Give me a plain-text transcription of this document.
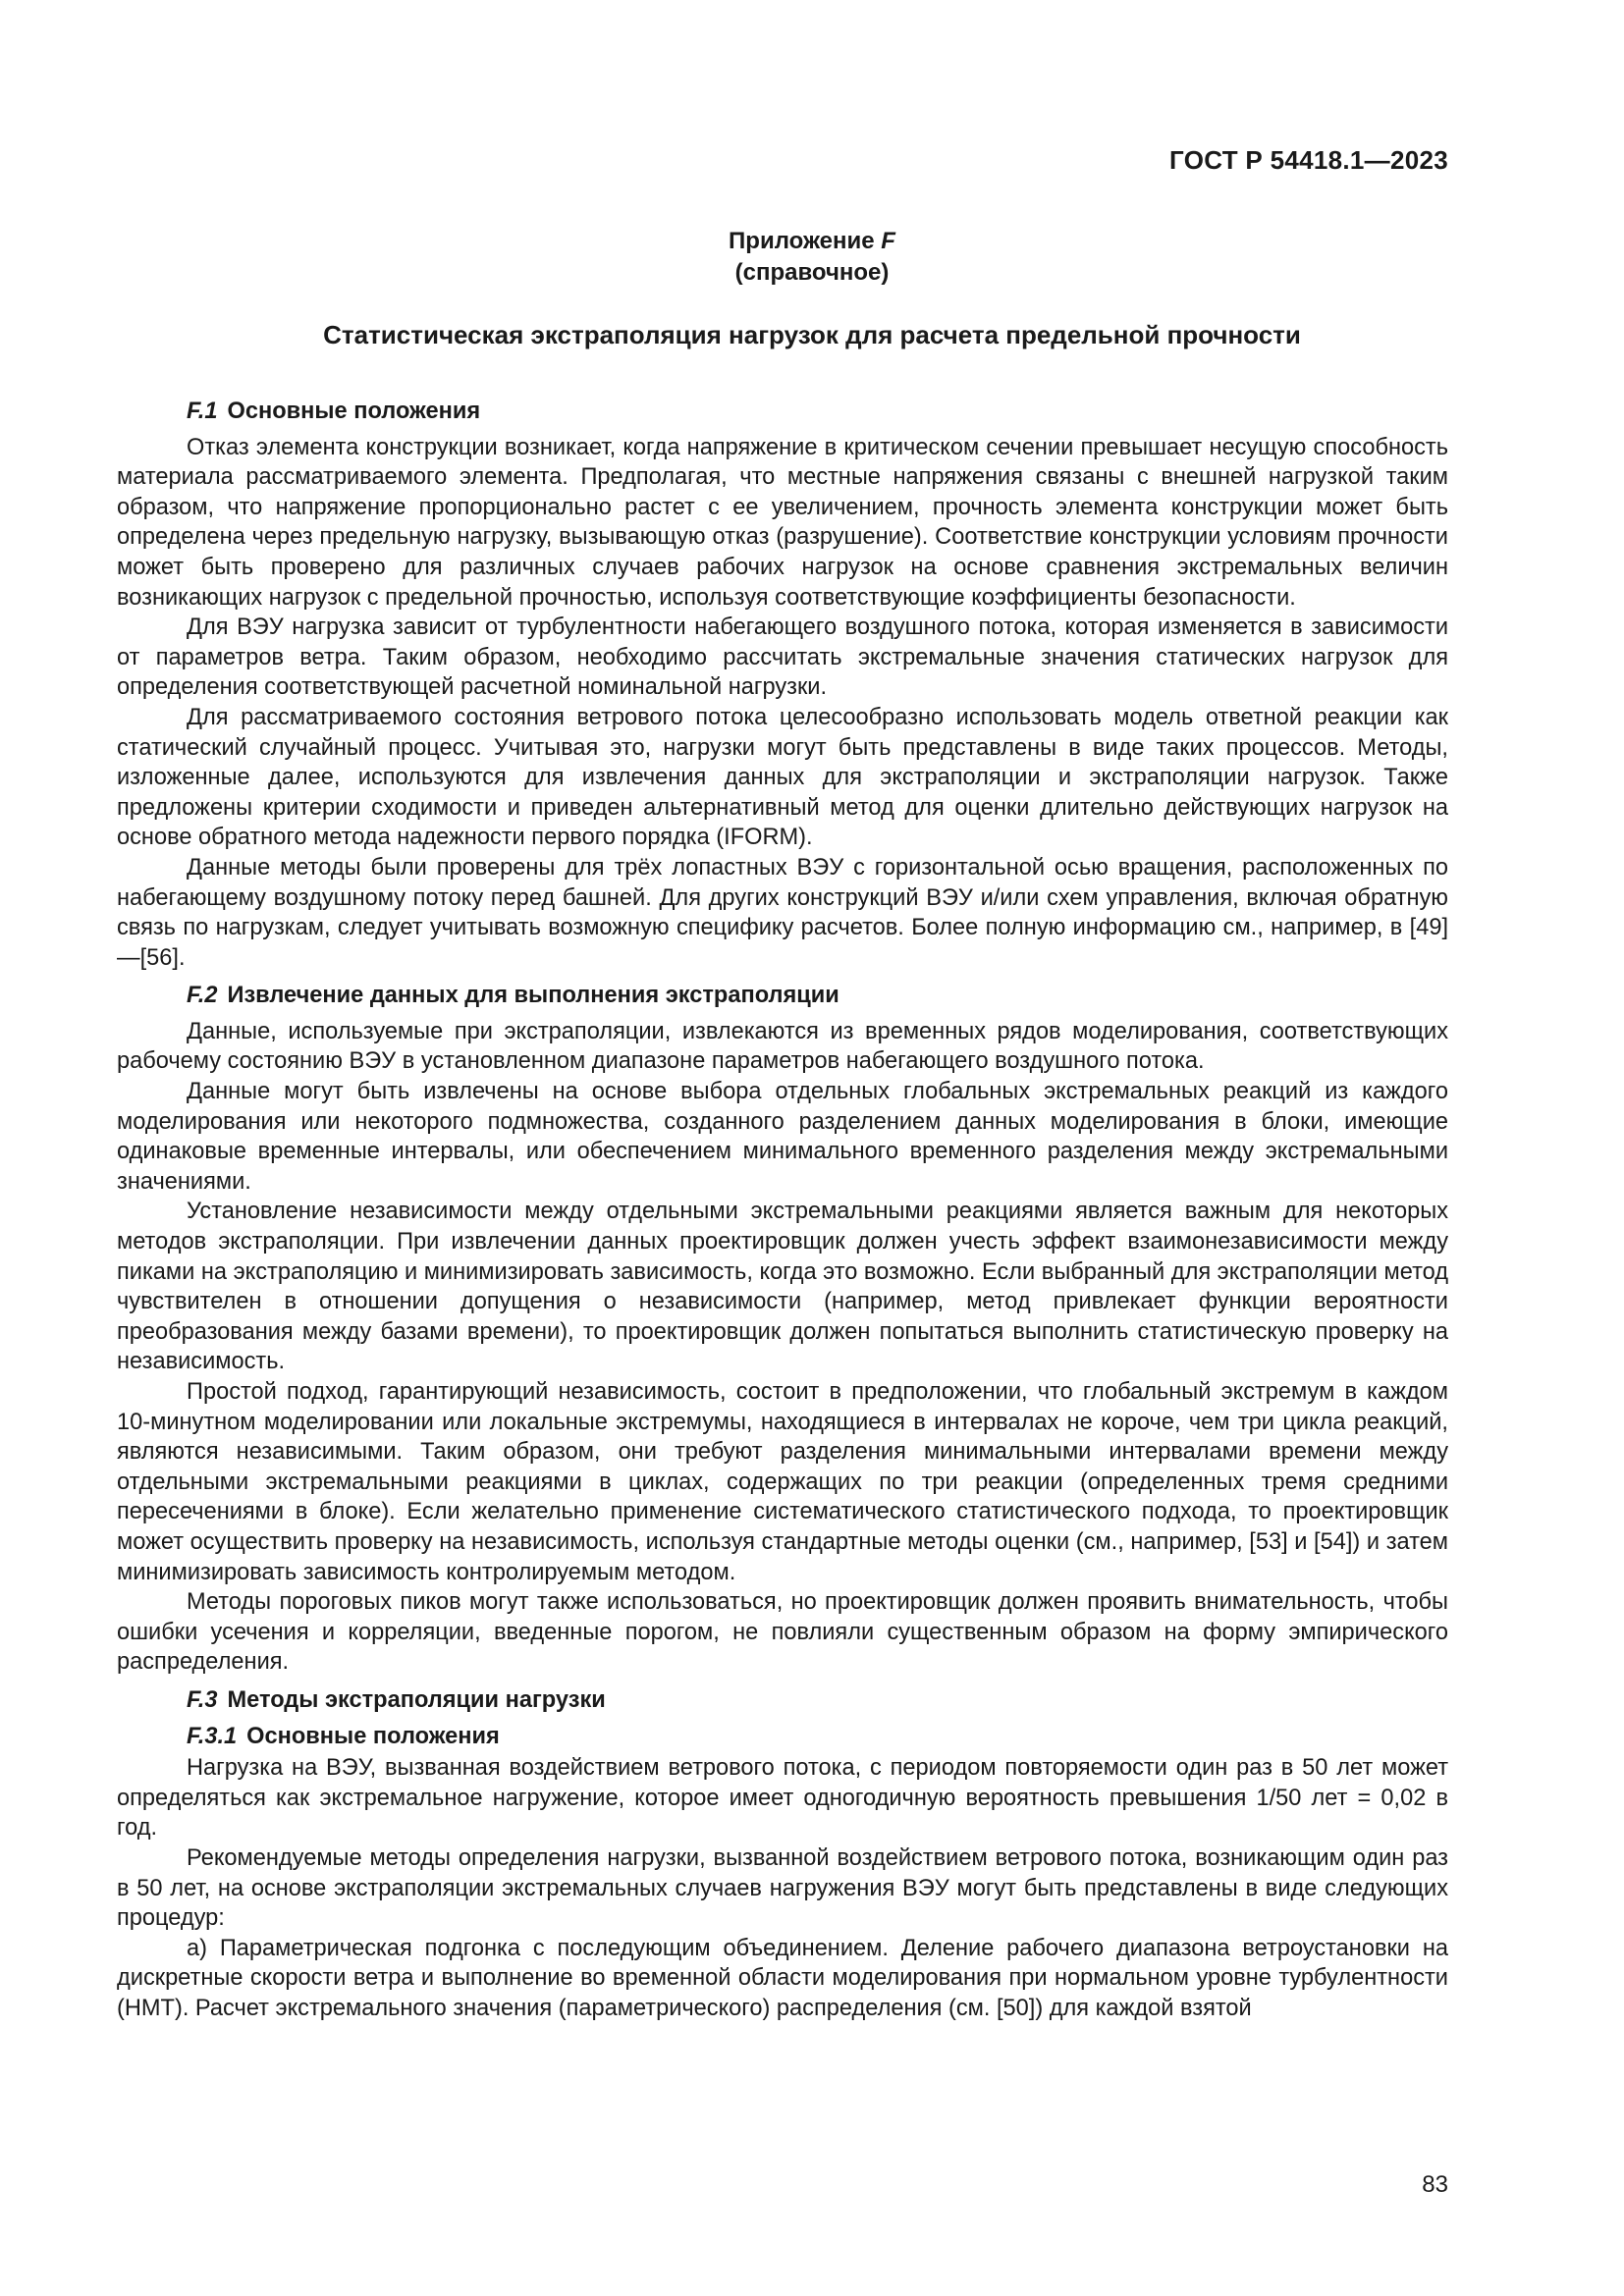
ГОСТ Р 54418.1—2023
Приложение F
(справочное)
Статистическая экстраполяция нагрузок для расчета предельной прочности
F.1 Основные положения

Отказ элемента конструкции возникает, когда напряжение в критическом сечении превышает несущую способность материала рассматриваемого элемента. Предполагая, что местные напряжения связаны с внешней нагрузкой таким образом, что напряжение пропорционально растет с ее увеличением, прочность элемента конструкции может быть определена через предельную нагрузку, вызывающую отказ (разрушение). Соответствие конструкции условиям прочности может быть проверено для различных случаев рабочих нагрузок на основе сравнения экстремальных величин возникающих нагрузок с предельной прочностью, используя соответствующие коэффициенты безопасности.

Для ВЭУ нагрузка зависит от турбулентности набегающего воздушного потока, которая изменяется в зависимости от параметров ветра. Таким образом, необходимо рассчитать экстремальные значения статических нагрузок для определения соответствующей расчетной номинальной нагрузки.

Для рассматриваемого состояния ветрового потока целесообразно использовать модель ответной реакции как статический случайный процесс. Учитывая это, нагрузки могут быть представлены в виде таких процессов. Методы, изложенные далее, используются для извлечения данных для экстраполяции и экстраполяции нагрузок. Также предложены критерии сходимости и приведен альтернативный метод для оценки длительно действующих нагрузок на основе обратного метода надежности первого порядка (IFORM).

Данные методы были проверены для трёх лопастных ВЭУ с горизонтальной осью вращения, расположенных по набегающему воздушному потоку перед башней. Для других конструкций ВЭУ и/или схем управления, включая обратную связь по нагрузкам, следует учитывать возможную специфику расчетов. Более полную информацию см., например, в [49]—[56].

F.2 Извлечение данных для выполнения экстраполяции

Данные, используемые при экстраполяции, извлекаются из временных рядов моделирования, соответствующих рабочему состоянию ВЭУ в установленном диапазоне параметров набегающего воздушного потока.

Данные могут быть извлечены на основе выбора отдельных глобальных экстремальных реакций из каждого моделирования или некоторого подмножества, созданного разделением данных моделирования в блоки, имеющие одинаковые временные интервалы, или обеспечением минимального временного разделения между экстремальными значениями.

Установление независимости между отдельными экстремальными реакциями является важным для некоторых методов экстраполяции. При извлечении данных проектировщик должен учесть эффект взаимонезависимости между пиками на экстраполяцию и минимизировать зависимость, когда это возможно. Если выбранный для экстраполяции метод чувствителен в отношении допущения о независимости (например, метод привлекает функции вероятности преобразования между базами времени), то проектировщик должен попытаться выполнить статистическую проверку на независимость.

Простой подход, гарантирующий независимость, состоит в предположении, что глобальный экстремум в каждом 10-минутном моделировании или локальные экстремумы, находящиеся в интервалах не короче, чем три цикла реакций, являются независимыми. Таким образом, они требуют разделения минимальными интервалами времени между отдельными экстремальными реакциями в циклах, содержащих по три реакции (определенных тремя средними пересечениями в блоке). Если желательно применение систематического статистического подхода, то проектировщик может осуществить проверку на независимость, используя стандартные методы оценки (см., например, [53] и [54]) и затем минимизировать зависимость контролируемым методом.

Методы пороговых пиков могут также использоваться, но проектировщик должен проявить внимательность, чтобы ошибки усечения и корреляции, введенные порогом, не повлияли существенным образом на форму эмпирического распределения.

F.3 Методы экстраполяции нагрузки
F.3.1 Основные положения

Нагрузка на ВЭУ, вызванная воздействием ветрового потока, с периодом повторяемости один раз в 50 лет может определяться как экстремальное нагружение, которое имеет одногодичную вероятность превышения 1/50 лет = 0,02 в год.

Рекомендуемые методы определения нагрузки, вызванной воздействием ветрового потока, возникающим один раз в 50 лет, на основе экстраполяции экстремальных случаев нагружения ВЭУ могут быть представлены в виде следующих процедур:

а) Параметрическая подгонка с последующим объединением. Деление рабочего диапазона ветроустановки на дискретные скорости ветра и выполнение во временной области моделирования при нормальном уровне турбулентности (НМТ). Расчет экстремального значения (параметрического) распределения (см. [50]) для каждой взятой

83
